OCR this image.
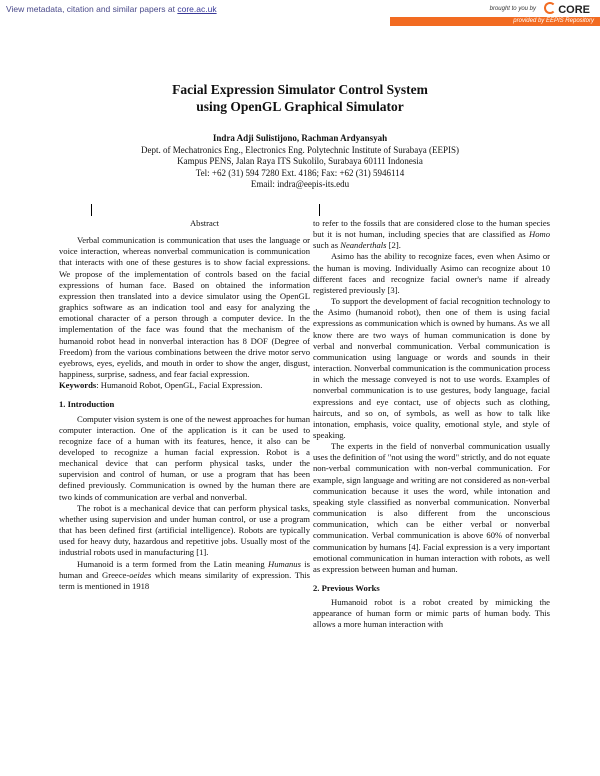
View metadata, citation and similar papers at core.ac.uk	brought to you by	CORE
provided by EEPIS Repository
Facial Expression Simulator Control System
using OpenGL Graphical Simulator
Indra Adji Sulistijono, Rachman Ardyansyah
Dept. of Mechatronics Eng., Electronics Eng. Polytechnic Institute of Surabaya (EEPIS)
Kampus PENS, Jalan Raya ITS Sukolilo, Surabaya 60111 Indonesia
Tel: +62 (31) 594 7280 Ext. 4186; Fax: +62 (31) 5946114
Email: indra@eepis-its.edu

Abstract

Verbal communication is communication that uses the language or voice interaction, whereas nonverbal communication is communication that interacts with one of these gestures is to show facial expressions. We propose of the implementation of controls based on the facial expressions of human face. Based on obtained the information expression then translated into a device simulator using the OpenGL graphics software as an indication tool and easy for analyzing the emotional character of a person through a computer device. In the implementation of the face was found that the mechanism of the humanoid robot head in nonverbal interaction has 8 DOF (Degree of Freedom) from the various combinations between the drive motor servo eyebrows, eyes, eyelids, and mouth in order to show the anger, disgust, happiness, surprise, sadness, and fear facial expression.

Keywords: Humanoid Robot, OpenGL, Facial Expression.

1. Introduction

Computer vision system is one of the newest approaches for human computer interaction. One of the application is it can be used to recognize face of a human with its features, hence, it also can be developed to recognize a human facial expression. Robot is a mechanical device that can perform physical tasks, under the supervision and control of human, or use a program that has been defined previously. Communication is owned by the human there are two kinds of communication are verbal and nonverbal.

The robot is a mechanical device that can perform physical tasks, whether using supervision and under human control, or use a program that has been defined first (artificial intelligence). Robots are typically used for heavy duty, hazardous and repetitive jobs. Usually most of the industrial robots used in manufacturing [1].

Humanoid is a term formed from the Latin meaning Humanus is human and Greece-oeides which means similarity of expression. This term is mentioned in 1918

to refer to the fossils that are considered close to the human species but it is not human, including species that are classified as Homo such as Neanderthals [2].

Asimo has the ability to recognize faces, even when Asimo or the human is moving. Individually Asimo can recognize about 10 different faces and recognize facial owner's name if already registered previously [3].

To support the development of facial recognition technology to the Asimo (humanoid robot), then one of them is using facial expressions as communication which is owned by humans. As we all know there are two ways of human communication is done by verbal and nonverbal communication. Verbal communication is communication using language or words and sounds in their interaction. Nonverbal communication is the communication process in which the message conveyed is not to use words. Examples of nonverbal communication is to use gestures, body language, facial expressions and eye contact, use of objects such as clothing, haircuts, and so on, of symbols, as well as how to talk like intonation, emphasis, voice quality, emotional style, and style of speaking.

The experts in the field of nonverbal communication usually uses the definition of "not using the word" strictly, and do not equate non-verbal communication with non-verbal communication. For example, sign language and writing are not considered as non-verbal communication because it uses the word, while intonation and speaking style classified as nonverbal communication. Nonverbal communication is also different from the unconscious communication, which can be either verbal or nonverbal communication. Verbal communication is above 60% of nonverbal communication by humans [4]. Facial expression is a very important emotional communication in human interaction with robots, as well as expression between human and human.

2. Previous Works

Humanoid robot is a robot created by mimicking the appearance of human form or mimic parts of human body. This allows a more human interaction with
